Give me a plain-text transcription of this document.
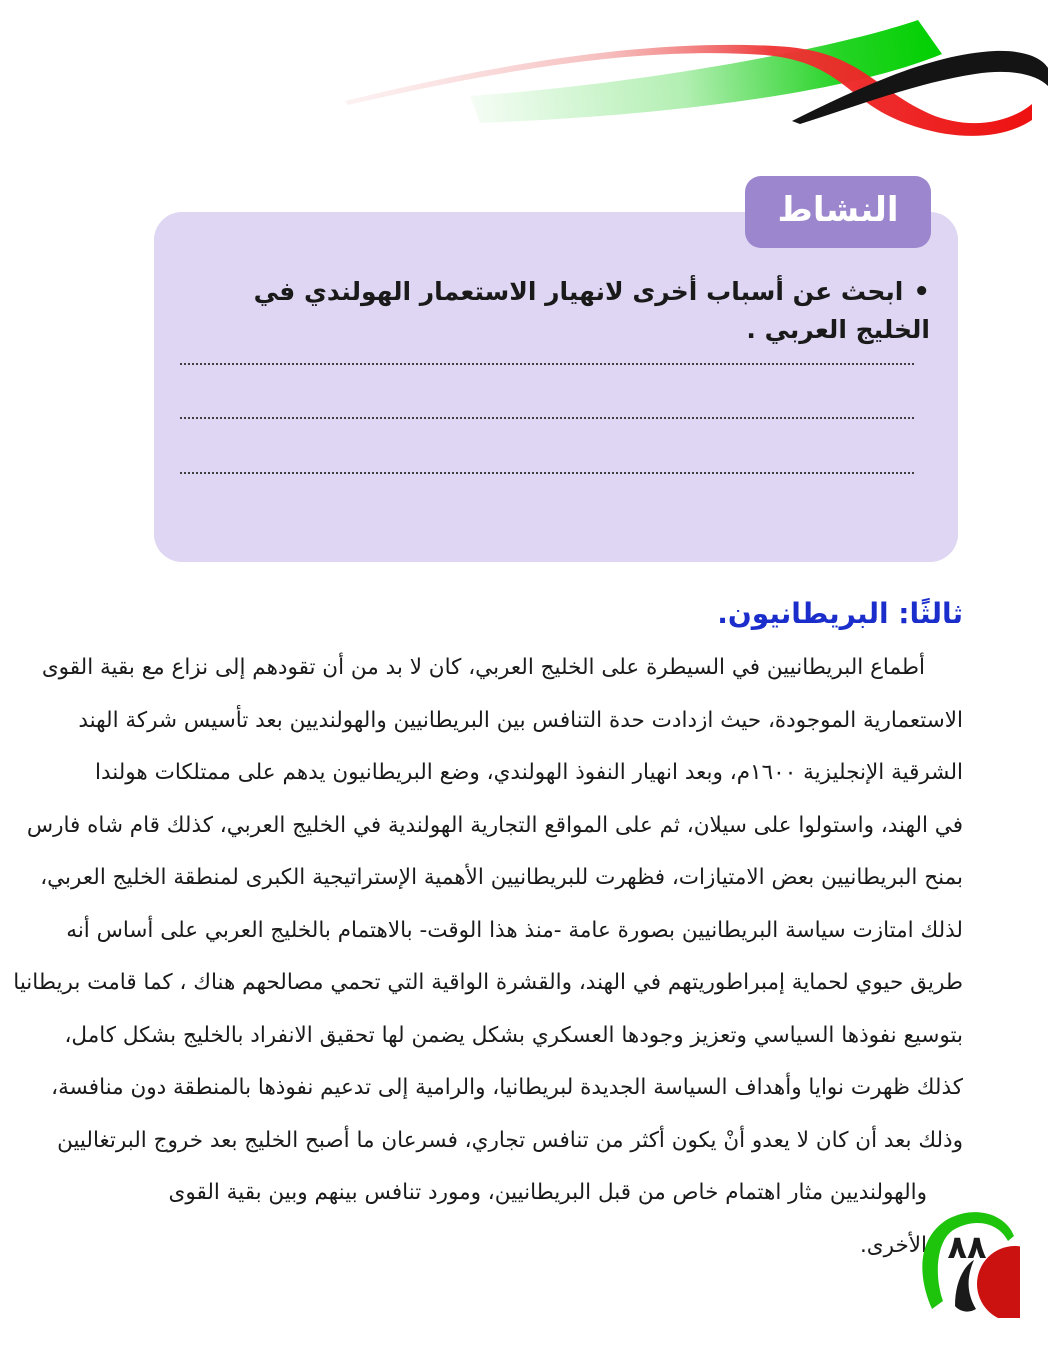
النشاط
•ابحث عن أسباب أخرى لانهيار الاستعمار الهولندي في الخليج العربي .
ثالثًا: البريطانيون.
أطماع البريطانيين في السيطرة على الخليج العربي، كان لا بد من أن تقودهم إلى نزاع مع بقية القوى
الاستعمارية الموجودة، حيث ازدادت حدة التنافس بين البريطانيين والهولنديين بعد تأسيس شركة الهند
الشرقية الإنجليزية ١٦٠٠م، وبعد انهيار النفوذ الهولندي، وضع البريطانيون يدهم على ممتلكات هولندا
في الهند، واستولوا على سيلان، ثم على المواقع التجارية الهولندية في الخليج العربي، كذلك قام شاه فارس
بمنح البريطانيين بعض الامتيازات، فظهرت للبريطانيين الأهمية الإستراتيجية الكبرى لمنطقة الخليج العربي،
لذلك امتازت سياسة البريطانيين بصورة عامة -منذ هذا الوقت- بالاهتمام بالخليج العربي على أساس أنه
طريق حيوي لحماية إمبراطوريتهم في الهند، والقشرة الواقية التي تحمي مصالحهم هناك ، كما قامت بريطانيا
بتوسيع نفوذها السياسي وتعزيز وجودها العسكري بشكل يضمن لها تحقيق الانفراد بالخليج بشكل كامل،
كذلك ظهرت نوايا وأهداف السياسة الجديدة لبريطانيا، والرامية إلى تدعيم نفوذها بالمنطقة دون منافسة،
وذلك بعد أن كان لا يعدو أنْ يكون أكثر من تنافس تجاري، فسرعان ما أصبح الخليج بعد خروج البرتغاليين
والهولنديين مثار اهتمام خاص من قبل البريطانيين، ومورد تنافس بينهم وبين بقية القوى الأخرى. ٨٨
